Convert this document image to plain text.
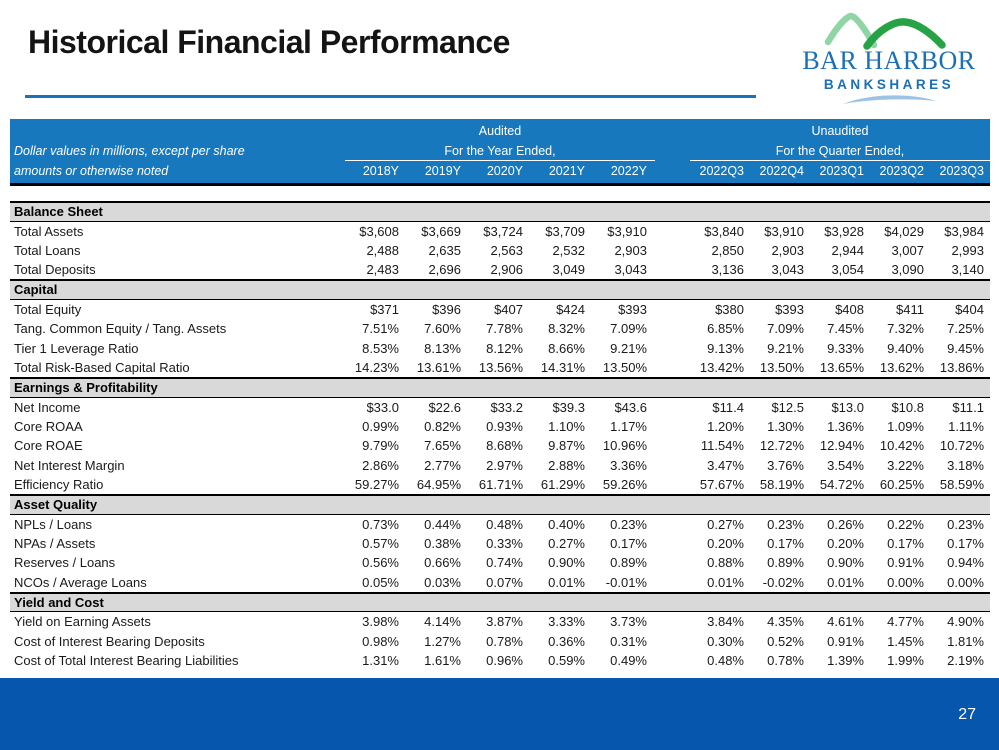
Historical Financial Performance
BAR HARBOR
BANKSHARES
Audited	Unaudited
Dollar values in millions, except per share	For the Year Ended,	For the Quarter Ended,
amounts or otherwise noted	2018Y	2019Y	2020Y	2021Y	2022Y	2022Q3	2022Q4	2023Q1	2023Q2	2023Q3
Balance Sheet
Total Assets	$3,608	$3,669	$3,724	$3,709	$3,910	$3,840	$3,910	$3,928	$4,029	$3,984
Total Loans	2,488	2,635	2,563	2,532	2,903	2,850	2,903	2,944	3,007	2,993
Total Deposits	2,483	2,696	2,906	3,049	3,043	3,136	3,043	3,054	3,090	3,140
Capital
Total Equity	$371	$396	$407	$424	$393	$380	$393	$408	$411	$404
Tang. Common Equity / Tang. Assets	7.51%	7.60%	7.78%	8.32%	7.09%	6.85%	7.09%	7.45%	7.32%	7.25%
Tier 1 Leverage Ratio	8.53%	8.13%	8.12%	8.66%	9.21%	9.13%	9.21%	9.33%	9.40%	9.45%
Total Risk-Based Capital Ratio	14.23%	13.61%	13.56%	14.31%	13.50%	13.42%	13.50%	13.65%	13.62%	13.86%
Earnings & Profitability
Net Income	$33.0	$22.6	$33.2	$39.3	$43.6	$11.4	$12.5	$13.0	$10.8	$11.1
Core ROAA	0.99%	0.82%	0.93%	1.10%	1.17%	1.20%	1.30%	1.36%	1.09%	1.11%
Core ROAE	9.79%	7.65%	8.68%	9.87%	10.96%	11.54%	12.72%	12.94%	10.42%	10.72%
Net Interest Margin	2.86%	2.77%	2.97%	2.88%	3.36%	3.47%	3.76%	3.54%	3.22%	3.18%
Efficiency Ratio	59.27%	64.95%	61.71%	61.29%	59.26%	57.67%	58.19%	54.72%	60.25%	58.59%
Asset Quality
NPLs / Loans	0.73%	0.44%	0.48%	0.40%	0.23%	0.27%	0.23%	0.26%	0.22%	0.23%
NPAs / Assets	0.57%	0.38%	0.33%	0.27%	0.17%	0.20%	0.17%	0.20%	0.17%	0.17%
Reserves / Loans	0.56%	0.66%	0.74%	0.90%	0.89%	0.88%	0.89%	0.90%	0.91%	0.94%
NCOs / Average Loans	0.05%	0.03%	0.07%	0.01%	-0.01%	0.01%	-0.02%	0.01%	0.00%	0.00%
Yield and Cost
Yield on Earning Assets	3.98%	4.14%	3.87%	3.33%	3.73%	3.84%	4.35%	4.61%	4.77%	4.90%
Cost of Interest Bearing Deposits	0.98%	1.27%	0.78%	0.36%	0.31%	0.30%	0.52%	0.91%	1.45%	1.81%
Cost of Total Interest Bearing Liabilities	1.31%	1.61%	0.96%	0.59%	0.49%	0.48%	0.78%	1.39%	1.99%	2.19%
27
